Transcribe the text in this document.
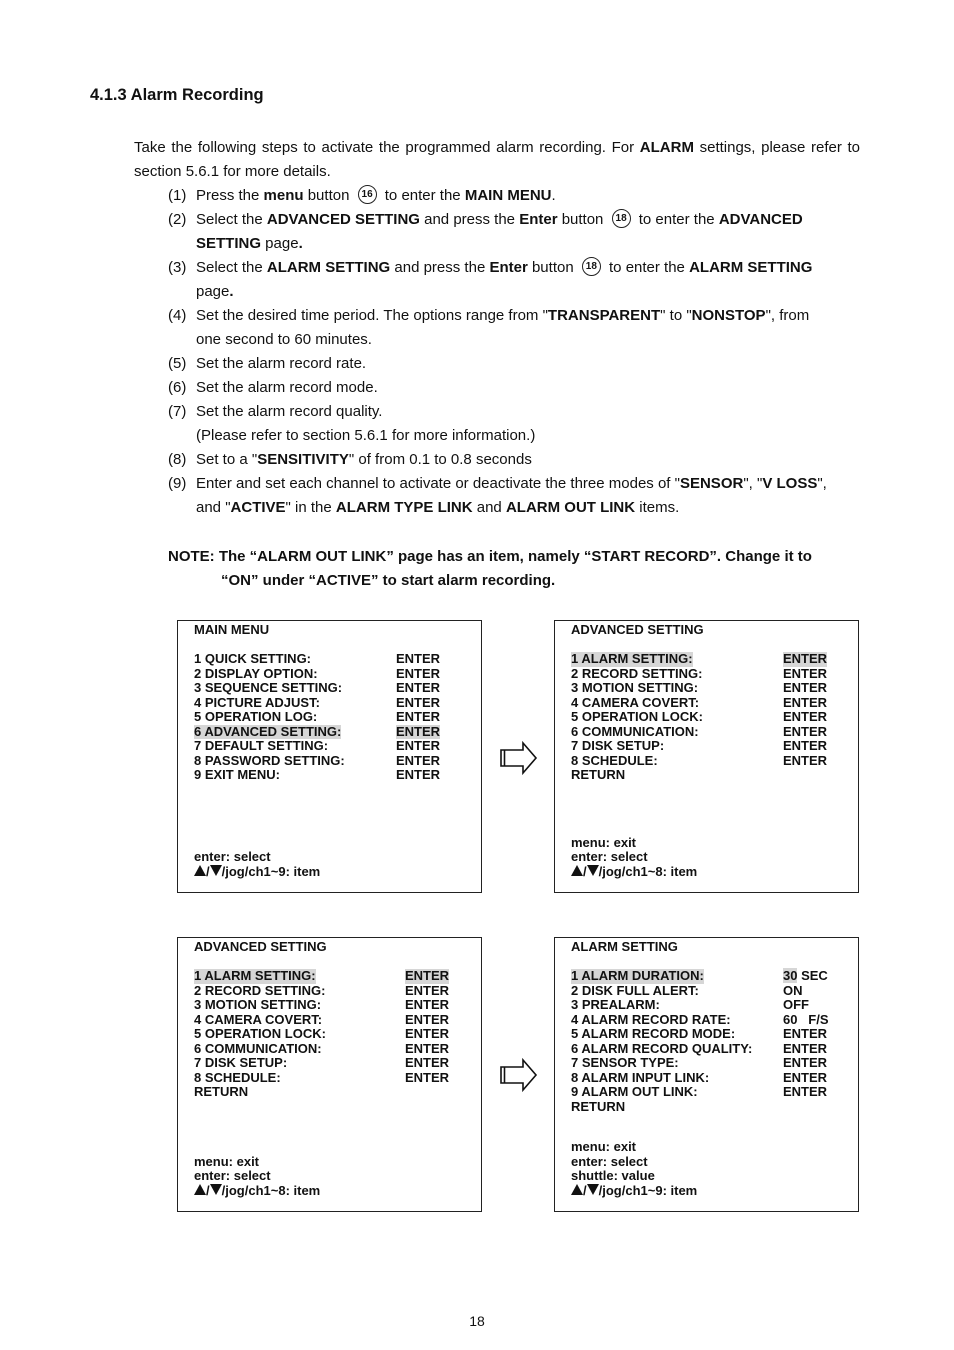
4.1.3 Alarm Recording
Take the following steps to activate the programmed alarm recording. For ALARM settings, please refer to section 5.6.1 for more details.
(1) Press the menu button 16 to enter the MAIN MENU.
(2) Select the ADVANCED SETTING and press the Enter button 18 to enter the ADVANCED
SETTING page.
(3) Select the ALARM SETTING and press the Enter button 18 to enter the ALARM SETTING
page.
(4) Set the desired time period. The options range from "TRANSPARENT" to "NONSTOP", from
one second to 60 minutes.
(5) Set the alarm record rate.
(6) Set the alarm record mode.
(7) Set the alarm record quality.
(Please refer to section 5.6.1 for more information.)
(8) Set to a "SENSITIVITY" of from 0.1 to 0.8 seconds
(9) Enter and set each channel to activate or deactivate the three modes of "SENSOR", "V LOSS",
and "ACTIVE" in the ALARM TYPE LINK and ALARM OUT LINK items.
NOTE: The “ALARM OUT LINK” page has an item, namely “START RECORD”. Change it to
“ON” under “ACTIVE” to start alarm recording.
MAIN MENU
1 QUICK SETTING:	ENTER
2 DISPLAY OPTION:	ENTER
3 SEQUENCE SETTING:	ENTER
4 PICTURE ADJUST:	ENTER
5 OPERATION LOG:	ENTER
6 ADVANCED SETTING:	ENTER
7 DEFAULT SETTING:	ENTER
8 PASSWORD SETTING:	ENTER
9 EXIT MENU:	ENTER
enter: select
/ /jog/ch1~9: item
ADVANCED SETTING
1 ALARM SETTING:	ENTER
2 RECORD SETTING:	ENTER
3 MOTION SETTING:	ENTER
4 CAMERA COVERT:	ENTER
5 OPERATION LOCK:	ENTER
6 COMMUNICATION:	ENTER
7 DISK SETUP:	ENTER
8 SCHEDULE:	ENTER
RETURN
menu: exit
enter: select
/ /jog/ch1~8: item
ADVANCED SETTING
1 ALARM SETTING:	ENTER
2 RECORD SETTING:	ENTER
3 MOTION SETTING:	ENTER
4 CAMERA COVERT:	ENTER
5 OPERATION LOCK:	ENTER
6 COMMUNICATION:	ENTER
7 DISK SETUP:	ENTER
8 SCHEDULE:	ENTER
RETURN
menu: exit
enter: select
/ /jog/ch1~8: item
ALARM SETTING
1 ALARM DURATION:	30 SEC
2 DISK FULL ALERT:	ON
3 PREALARM:	OFF
4 ALARM RECORD RATE:	60   F/S
5 ALARM RECORD MODE:	ENTER
6 ALARM RECORD QUALITY: ENTER
7 SENSOR TYPE:	ENTER
8 ALARM INPUT LINK:	ENTER
9 ALARM OUT LINK:	ENTER
RETURN
menu: exit
enter: select
shuttle: value
/ /jog/ch1~9: item
18
